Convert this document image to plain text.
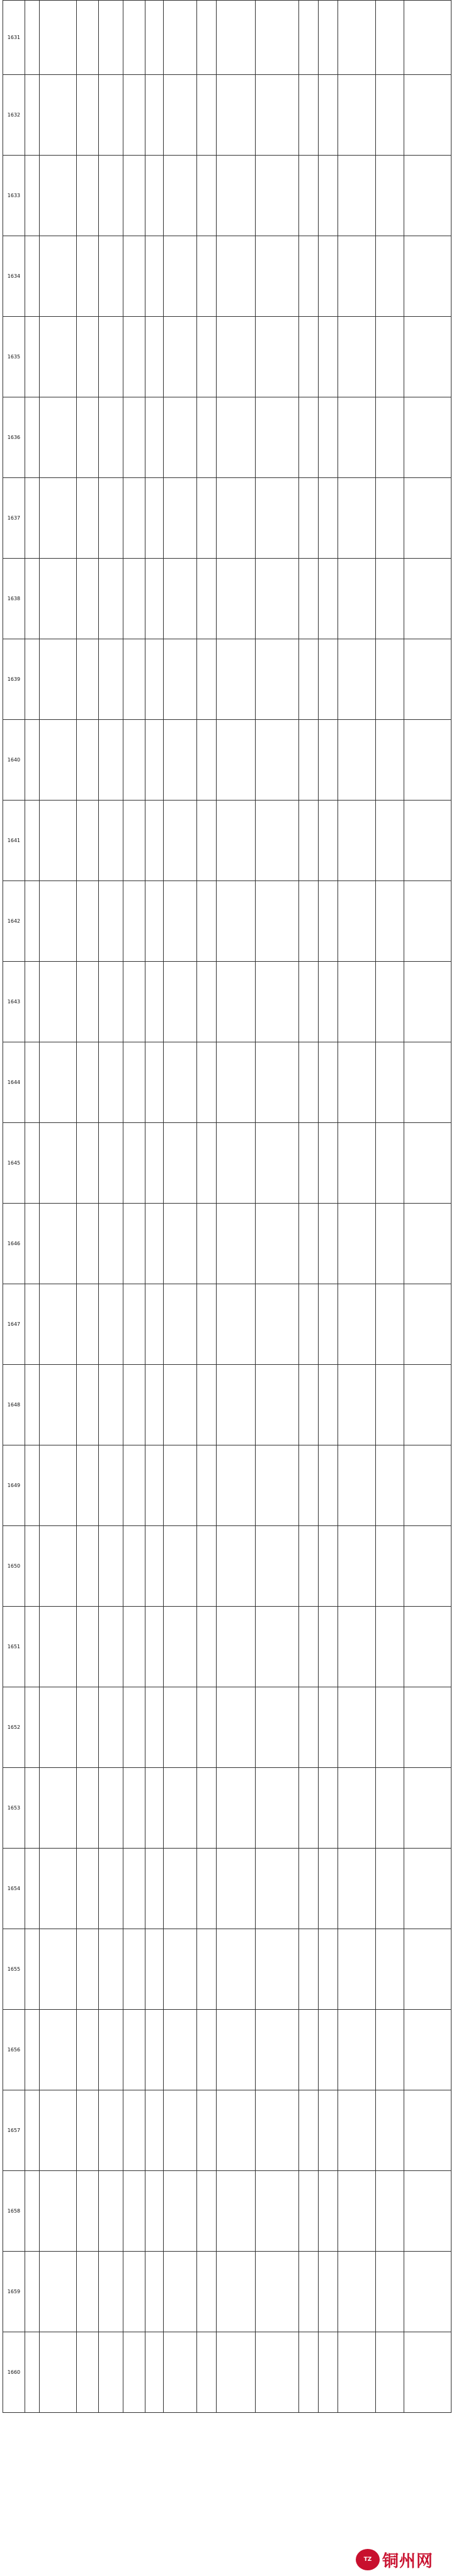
1631															
1632															
1633															
1634															
1635															
1636															
1637															
1638															
1639															
1640															
1641															
1642															
1643															
1644															
1645															
1646															
1647															
1648															
1649															
1650															
1651															
1652															
1653															
1654															
1655															
1656															
1657															
1658															
1659															
1660															
TZ 铜州网
